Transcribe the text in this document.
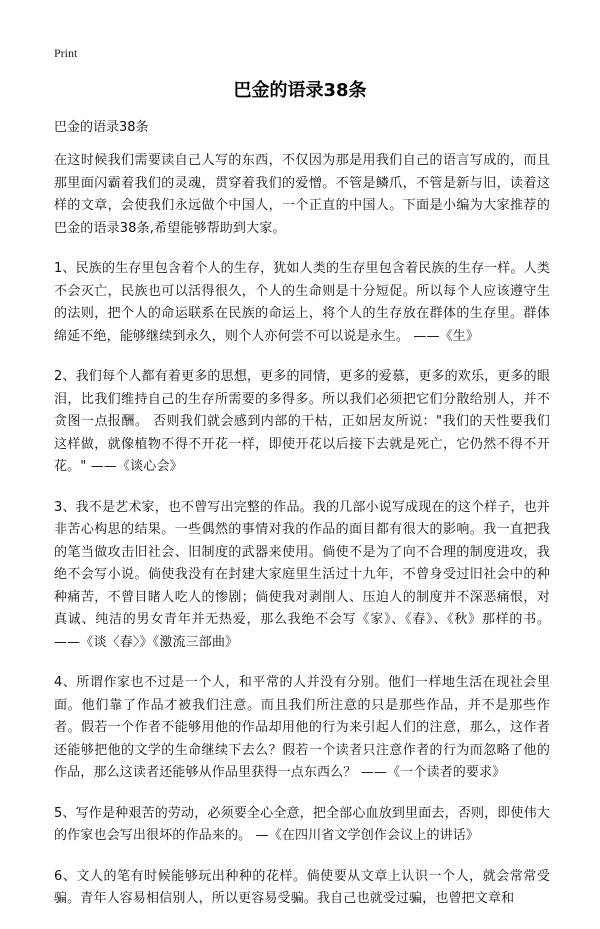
Print
巴金的语录38条
巴金的语录38条

在这时候我们需要读自己人写的东西，不仅因为那是用我们自己的语言写成的，而且那里面闪霸着我们的灵魂，贯穿着我们的爱憎。不管是鳞爪，不管是新与旧，读着这样的文章，会使我们永远做个中国人，一个正直的中国人。下面是小编为大家推荐的巴金的语录38条,希望能够帮助到大家。

1、民族的生存里包含着个人的生存，犹如人类的生存里包含着民族的生存一样。人类不会灭亡，民族也可以活得很久，个人的生命则是十分短促。所以每个人应该遵守生的法则，把个人的命运联系在民族的命运上，将个人的生存放在群体的生存里。群体绵延不绝，能够继续到永久，则个人亦何尝不可以说是永生。 ——《生》

2、我们每个人都有着更多的思想，更多的同情，更多的爱慕，更多的欢乐，更多的眼泪，比我们维持自己的生存所需要的多得多。所以我们必须把它们分散给别人，并不贪图一点报酬。 否则我们就会感到内部的干枯，正如居友所说："我们的天性要我们这样做，就像植物不得不开花一样，即使开花以后接下去就是死亡，它仍然不得不开花。" ——《谈心会》

3、我不是艺术家，也不曾写出完整的作品。我的几部小说写成现在的这个样子，也并非苦心构思的结果。一些偶然的事情对我的作品的面目都有很大的影响。我一直把我的笔当做攻击旧社会、旧制度的武器来使用。倘使不是为了向不合理的制度进攻，我绝不会写小说。倘使我没有在封建大家庭里生活过十九年，不曾身受过旧社会中的种种痛苦，不曾目睹人吃人的惨剧；倘使我对剥削人、压迫人的制度并不深恶痛恨，对真诚、纯洁的男女青年并无热爱，那么我绝不会写《家》、《春》、《秋》那样的书。 ——《谈〈春〉》《激流三部曲》

4、所谓作家也不过是一个人，和平常的人并没有分别。他们一样地生活在现社会里面。他们靠了作品才被我们注意。而且我们所注意的只是那些作品，并不是那些作者。假若一个作者不能够用他的作品却用他的行为来引起人们的注意，那么，这作者还能够把他的文学的生命继续下去么？假若一个读者只注意作者的行为而忽略了他的作品，那么这读者还能够从作品里获得一点东西么？ ——《一个读者的要求》

5、写作是种艰苦的劳动，必须要全心全意，把全部心血放到里面去，否则，即使伟大的作家也会写出很坏的作品来的。 —《在四川省文学创作会议上的讲话》

6、文人的笔有时候能够玩出种种的花样。倘使要从文章上认识一个人，就会常常受骗。青年人容易相信别人，所以更容易受骗。我自己也就受过骗，也曾把文章和
